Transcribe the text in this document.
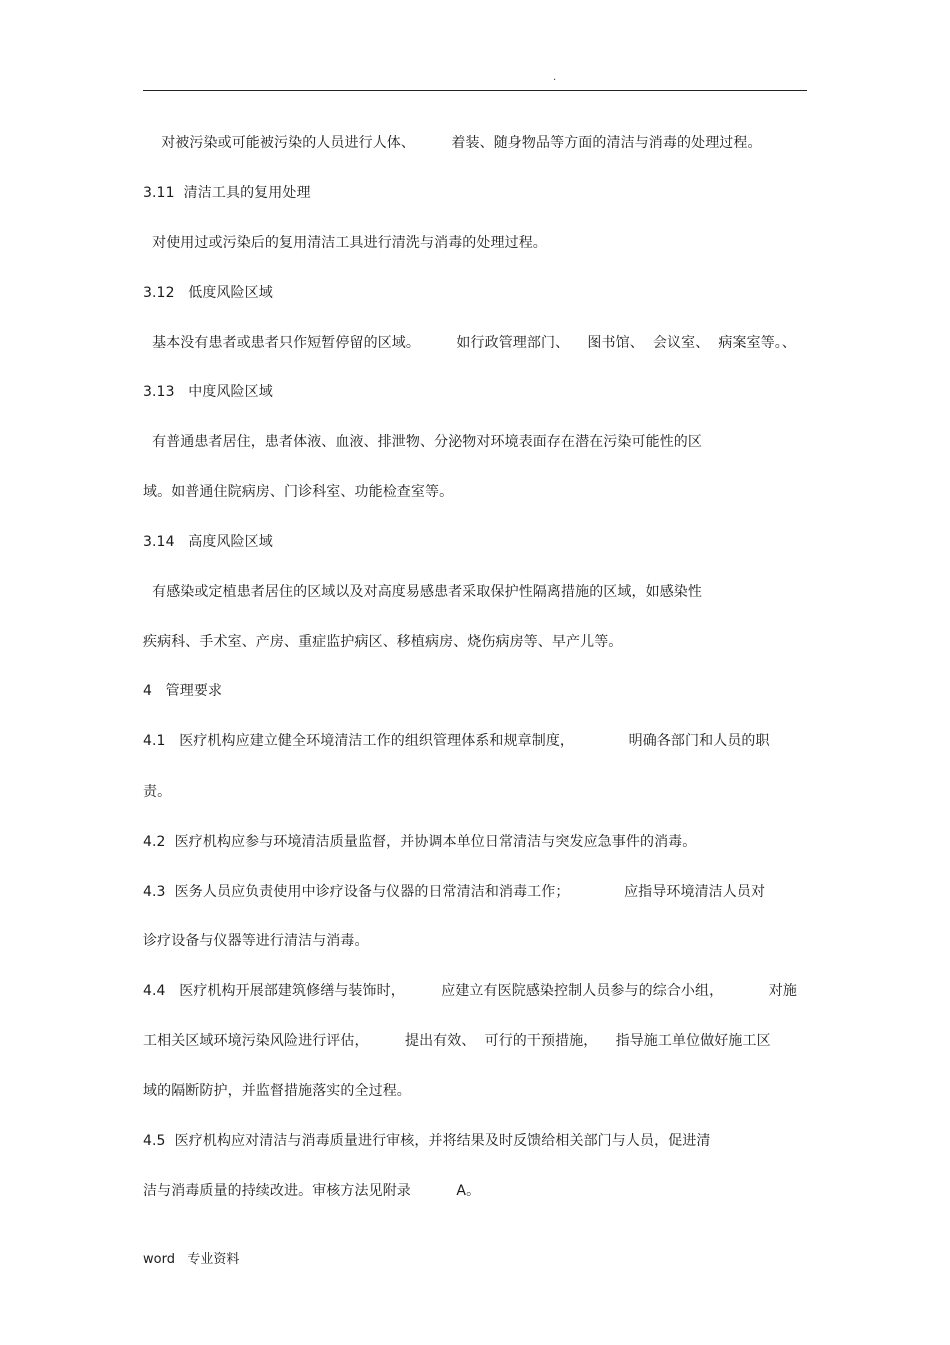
.
对被污染或可能被污染的人员进行人体、        着装、随身物品等方面的清洁与消毒的处理过程。
3.11  清洁工具的复用处理
对使用过或污染后的复用清洁工具进行清洗与消毒的处理过程。
3.12   低度风险区域
基本没有患者或患者只作短暂停留的区域。        如行政管理部门、    图书馆、  会议室、  病案室等。、
3.13   中度风险区域
有普通患者居住，患者体液、血液、排泄物、分泌物对环境表面存在潜在污染可能性的区
域。如普通住院病房、门诊科室、功能检查室等。
3.14   高度风险区域
有感染或定植患者居住的区域以及对高度易感患者采取保护性隔离措施的区域，如感染性
疾病科、手术室、产房、重症监护病区、移植病房、烧伤病房等、早产儿等。
4   管理要求
4.1   医疗机构应建立健全环境清洁工作的组织管理体系和规章制度，            明确各部门和人员的职
责。
4.2  医疗机构应参与环境清洁质量监督，并协调本单位日常清洁与突发应急事件的消毒。
4.3  医务人员应负责使用中诊疗设备与仪器的日常清洁和消毒工作；            应指导环境清洁人员对
诊疗设备与仪器等进行清洁与消毒。
4.4   医疗机构开展部建筑修缮与装饰时，        应建立有医院感染控制人员参与的综合小组，          对施
工相关区域环境污染风险进行评估，        提出有效、  可行的干预措施，    指导施工单位做好施工区
域的隔断防护，并监督措施落实的全过程。
4.5  医疗机构应对清洁与消毒质量进行审核，并将结果及时反馈给相关部门与人员，促进清
洁与消毒质量的持续改进。审核方法见附录          A。
word   专业资料
